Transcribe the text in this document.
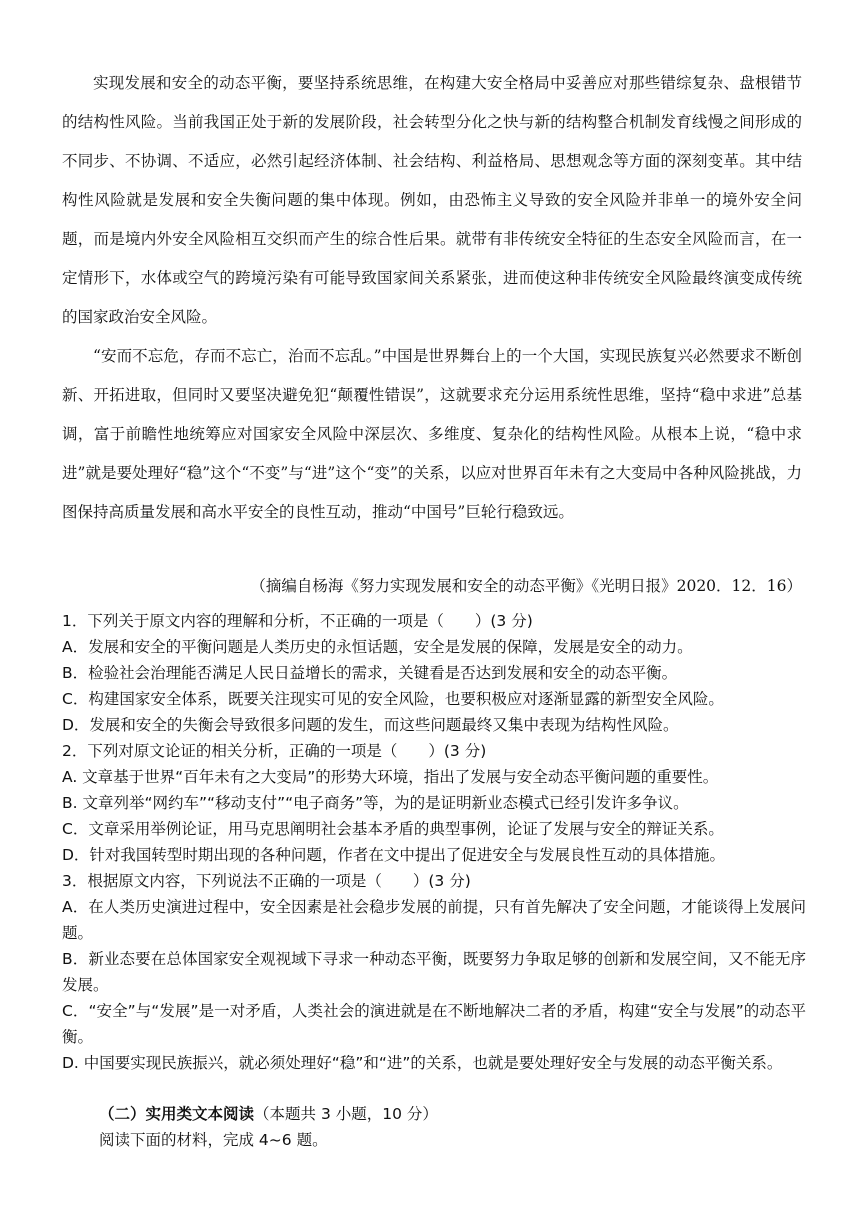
实现发展和安全的动态平衡，要坚持系统思维，在构建大安全格局中妥善应对那些错综复杂、盘根错节的结构性风险。当前我国正处于新的发展阶段，社会转型分化之快与新的结构整合机制发育线慢之间形成的不同步、不协调、不适应，必然引起经济体制、社会结构、利益格局、思想观念等方面的深刻变革。其中结构性风险就是发展和安全失衡问题的集中体现。例如，由恐怖主义导致的安全风险并非单一的境外安全问题，而是境内外安全风险相互交织而产生的综合性后果。就带有非传统安全特征的生态安全风险而言，在一定情形下，水体或空气的跨境污染有可能导致国家间关系紧张，进而使这种非传统安全风险最终演变成传统的国家政治安全风险。

“安而不忘危，存而不忘亡，治而不忘乱。”中国是世界舞台上的一个大国，实现民族复兴必然要求不断创新、开拓进取，但同时又要坚决避免犯“颠覆性错误”，这就要求充分运用系统性思维，坚持“稳中求进”总基调，富于前瞻性地统筹应对国家安全风险中深层次、多维度、复杂化的结构性风险。从根本上说，“稳中求进”就是要处理好“稳”这个“不变”与“进”这个“变”的关系，以应对世界百年未有之大变局中各种风险挑战，力图保持高质量发展和高水平安全的良性互动，推动“中国号”巨轮行稳致远。

（摘编自杨海《努力实现发展和安全的动态平衡》《光明日报》2020．12．16）

1．下列关于原文内容的理解和分析，不正确的一项是（　　）(3 分)

A．发展和安全的平衡问题是人类历史的永恒话题，安全是发展的保障，发展是安全的动力。

B．检验社会治理能否满足人民日益增长的需求，关键看是否达到发展和安全的动态平衡。

C．构建国家安全体系，既要关注现实可见的安全风险，也要积极应对逐渐显露的新型安全风险。

D．发展和安全的失衡会导致很多问题的发生，而这些问题最终又集中表现为结构性风险。

2．下列对原文论证的相关分析，正确的一项是（　　）(3 分)

A. 文章基于世界“百年未有之大变局”的形势大环境，指出了发展与安全动态平衡问题的重要性。

B. 文章列举“网约车”“移动支付”“电子商务”等，为的是证明新业态模式已经引发许多争议。

C．文章采用举例论证，用马克思阐明社会基本矛盾的典型事例，论证了发展与安全的辩证关系。

D．针对我国转型时期出现的各种问题，作者在文中提出了促进安全与发展良性互动的具体措施。

3．根据原文内容，下列说法不正确的一项是（　　）(3 分)

A．在人类历史演进过程中，安全因素是社会稳步发展的前提，只有首先解决了安全问题，才能谈得上发展问题。

B．新业态要在总体国家安全观视域下寻求一种动态平衡，既要努力争取足够的创新和发展空间，又不能无序发展。

C．“安全”与“发展”是一对矛盾，人类社会的演进就是在不断地解决二者的矛盾，构建“安全与发展”的动态平衡。

D. 中国要实现民族振兴，就必须处理好“稳”和“进”的关系，也就是要处理好安全与发展的动态平衡关系。

（二）实用类文本阅读（本题共 3 小题，10 分）
阅读下面的材料，完成 4~6 题。
